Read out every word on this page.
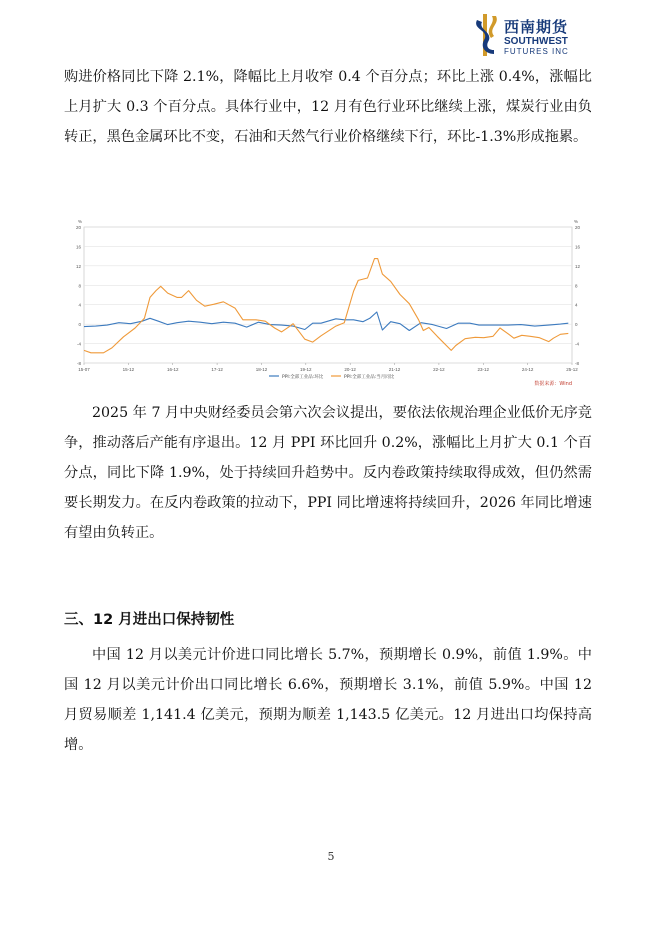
西南期货
SOUTHWEST
FUTURES INC

购进价格同比下降 2.1%，降幅比上月收窄 0.4 个百分点；环比上涨 0.4%，涨幅比上月扩大 0.3 个百分点。具体行业中，12 月有色行业环比继续上涨，煤炭行业由负转正，黑色金属环比不变，石油和天然气行业价格继续下行，环比-1.3%形成拖累。

-8	-8
-4	-4
0	0
4	4
8	8
12	12
16	16
20	20
%	%
15-07	15-12	16-12	17-12	18-12	19-12	20-12	21-12	22-12	23-12	24-12	25-12
PPI:全部工业品:环比	PPI:全部工业品:当月同比
数据来源：Wind

2025 年 7 月中央财经委员会第六次会议提出，要依法依规治理企业低价无序竞争，推动落后产能有序退出。12 月 PPI 环比回升 0.2%，涨幅比上月扩大 0.1 个百分点，同比下降 1.9%，处于持续回升趋势中。反内卷政策持续取得成效，但仍然需要长期发力。在反内卷政策的拉动下，PPI 同比增速将持续回升，2026 年同比增速有望由负转正。

三、12 月进出口保持韧性

中国 12 月以美元计价进口同比增长 5.7%，预期增长 0.9%，前值 1.9%。中国 12 月以美元计价出口同比增长 6.6%，预期增长 3.1%，前值 5.9%。中国 12 月贸易顺差 1,141.4 亿美元，预期为顺差 1,143.5 亿美元。12 月进出口均保持高增。

5
